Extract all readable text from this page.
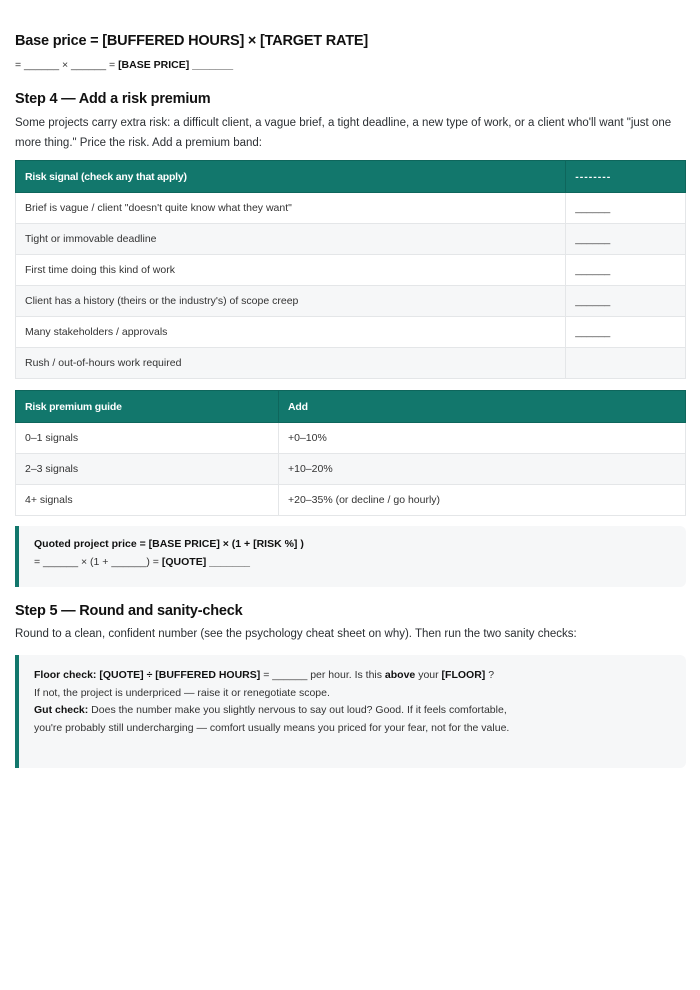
Base price = [BUFFERED HOURS] × [TARGET RATE]
= ______ × ______ = [BASE PRICE] _______
Step 4 — Add a risk premium
Some projects carry extra risk: a difficult client, a vague brief, a tight deadline, a new type of work, or a client who'll want "just one more thing." Price the risk. Add a premium band:
Risk signal (check any that apply)	--------
Brief is vague / client "doesn't quite know what they want"	______
Tight or immovable deadline	______
First time doing this kind of work	______
Client has a history (theirs or the industry's) of scope creep	______
Many stakeholders / approvals	______
Rush / out-of-hours work required	
Risk premium guide	Add
0–1 signals	+0–10%
2–3 signals	+10–20%
4+ signals	+20–35% (or decline / go hourly)
Quoted project price = [BASE PRICE] × (1 + [RISK %] )
= ______ × (1 + ______) = [QUOTE] _______
Step 5 — Round and sanity-check
Round to a clean, confident number (see the psychology cheat sheet on why). Then run the two sanity checks:
Floor check: [QUOTE] ÷ [BUFFERED HOURS] = ______ per hour. Is this above your [FLOOR] ?
If not, the project is underpriced — raise it or renegotiate scope.
Gut check: Does the number make you slightly nervous to say out loud? Good. If it feels comfortable, you're probably still undercharging — comfort usually means you priced for your fear, not for the value.
